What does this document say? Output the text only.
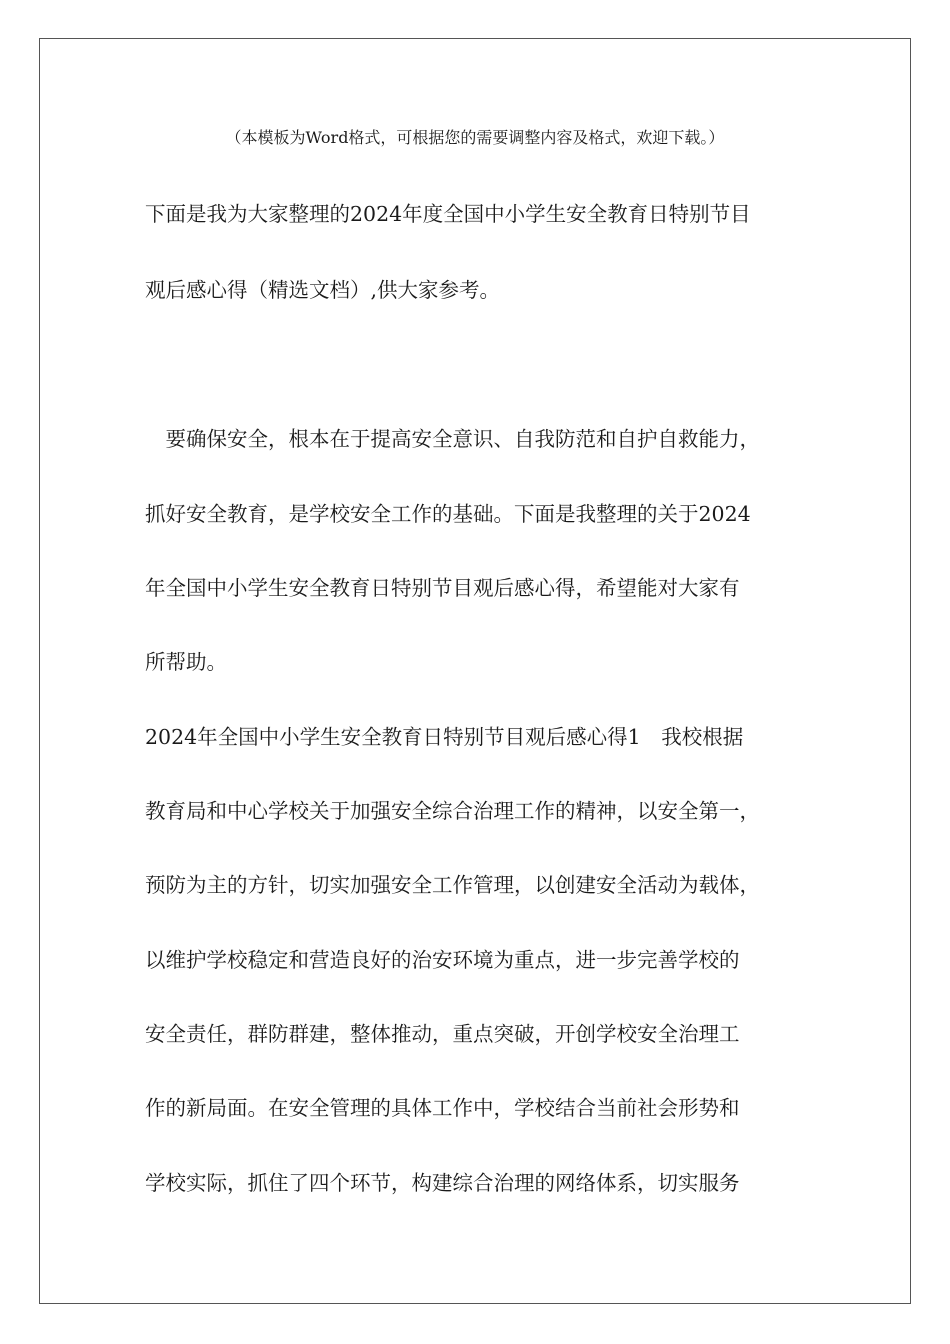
（本模板为Word格式，可根据您的需要调整内容及格式，欢迎下载。）
下面是我为大家整理的2024年度全国中小学生安全教育日特别节目
观后感心得（精选文档）,供大家参考。
　要确保安全，根本在于提高安全意识、自我防范和自护自救能力，
抓好安全教育，是学校安全工作的基础。下面是我整理的关于2024
年全国中小学生安全教育日特别节目观后感心得，希望能对大家有
所帮助。
2024年全国中小学生安全教育日特别节目观后感心得1　我校根据
教育局和中心学校关于加强安全综合治理工作的精神，以安全第一，
预防为主的方针，切实加强安全工作管理，以创建安全活动为载体，
以维护学校稳定和营造良好的治安环境为重点，进一步完善学校的
安全责任，群防群建，整体推动，重点突破，开创学校安全治理工
作的新局面。在安全管理的具体工作中，学校结合当前社会形势和
学校实际，抓住了四个环节，构建综合治理的网络体系，切实服务
